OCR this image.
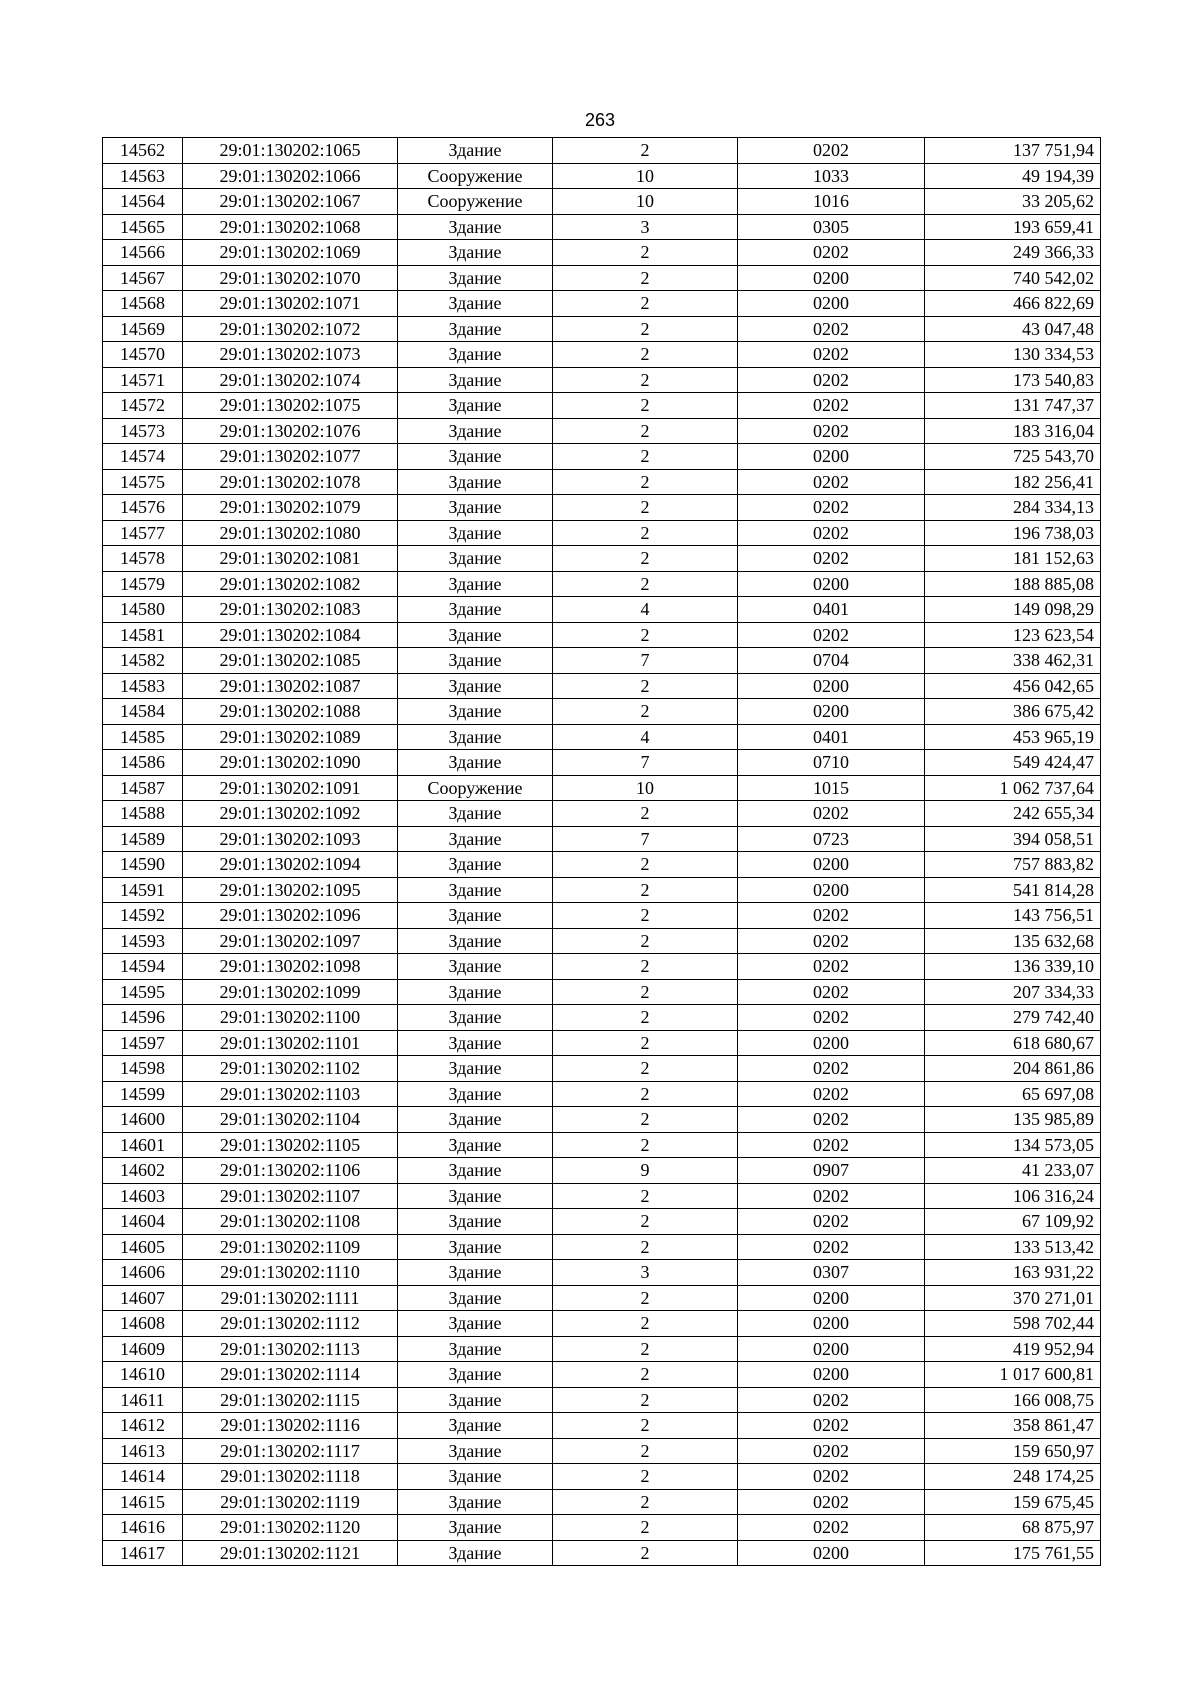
263
14562	29:01:130202:1065	Здание	2	0202	137 751,94
14563	29:01:130202:1066	Сооружение	10	1033	49 194,39
14564	29:01:130202:1067	Сооружение	10	1016	33 205,62
14565	29:01:130202:1068	Здание	3	0305	193 659,41
14566	29:01:130202:1069	Здание	2	0202	249 366,33
14567	29:01:130202:1070	Здание	2	0200	740 542,02
14568	29:01:130202:1071	Здание	2	0200	466 822,69
14569	29:01:130202:1072	Здание	2	0202	43 047,48
14570	29:01:130202:1073	Здание	2	0202	130 334,53
14571	29:01:130202:1074	Здание	2	0202	173 540,83
14572	29:01:130202:1075	Здание	2	0202	131 747,37
14573	29:01:130202:1076	Здание	2	0202	183 316,04
14574	29:01:130202:1077	Здание	2	0200	725 543,70
14575	29:01:130202:1078	Здание	2	0202	182 256,41
14576	29:01:130202:1079	Здание	2	0202	284 334,13
14577	29:01:130202:1080	Здание	2	0202	196 738,03
14578	29:01:130202:1081	Здание	2	0202	181 152,63
14579	29:01:130202:1082	Здание	2	0200	188 885,08
14580	29:01:130202:1083	Здание	4	0401	149 098,29
14581	29:01:130202:1084	Здание	2	0202	123 623,54
14582	29:01:130202:1085	Здание	7	0704	338 462,31
14583	29:01:130202:1087	Здание	2	0200	456 042,65
14584	29:01:130202:1088	Здание	2	0200	386 675,42
14585	29:01:130202:1089	Здание	4	0401	453 965,19
14586	29:01:130202:1090	Здание	7	0710	549 424,47
14587	29:01:130202:1091	Сооружение	10	1015	1 062 737,64
14588	29:01:130202:1092	Здание	2	0202	242 655,34
14589	29:01:130202:1093	Здание	7	0723	394 058,51
14590	29:01:130202:1094	Здание	2	0200	757 883,82
14591	29:01:130202:1095	Здание	2	0200	541 814,28
14592	29:01:130202:1096	Здание	2	0202	143 756,51
14593	29:01:130202:1097	Здание	2	0202	135 632,68
14594	29:01:130202:1098	Здание	2	0202	136 339,10
14595	29:01:130202:1099	Здание	2	0202	207 334,33
14596	29:01:130202:1100	Здание	2	0202	279 742,40
14597	29:01:130202:1101	Здание	2	0200	618 680,67
14598	29:01:130202:1102	Здание	2	0202	204 861,86
14599	29:01:130202:1103	Здание	2	0202	65 697,08
14600	29:01:130202:1104	Здание	2	0202	135 985,89
14601	29:01:130202:1105	Здание	2	0202	134 573,05
14602	29:01:130202:1106	Здание	9	0907	41 233,07
14603	29:01:130202:1107	Здание	2	0202	106 316,24
14604	29:01:130202:1108	Здание	2	0202	67 109,92
14605	29:01:130202:1109	Здание	2	0202	133 513,42
14606	29:01:130202:1110	Здание	3	0307	163 931,22
14607	29:01:130202:1111	Здание	2	0200	370 271,01
14608	29:01:130202:1112	Здание	2	0200	598 702,44
14609	29:01:130202:1113	Здание	2	0200	419 952,94
14610	29:01:130202:1114	Здание	2	0200	1 017 600,81
14611	29:01:130202:1115	Здание	2	0202	166 008,75
14612	29:01:130202:1116	Здание	2	0202	358 861,47
14613	29:01:130202:1117	Здание	2	0202	159 650,97
14614	29:01:130202:1118	Здание	2	0202	248 174,25
14615	29:01:130202:1119	Здание	2	0202	159 675,45
14616	29:01:130202:1120	Здание	2	0202	68 875,97
14617	29:01:130202:1121	Здание	2	0200	175 761,55
